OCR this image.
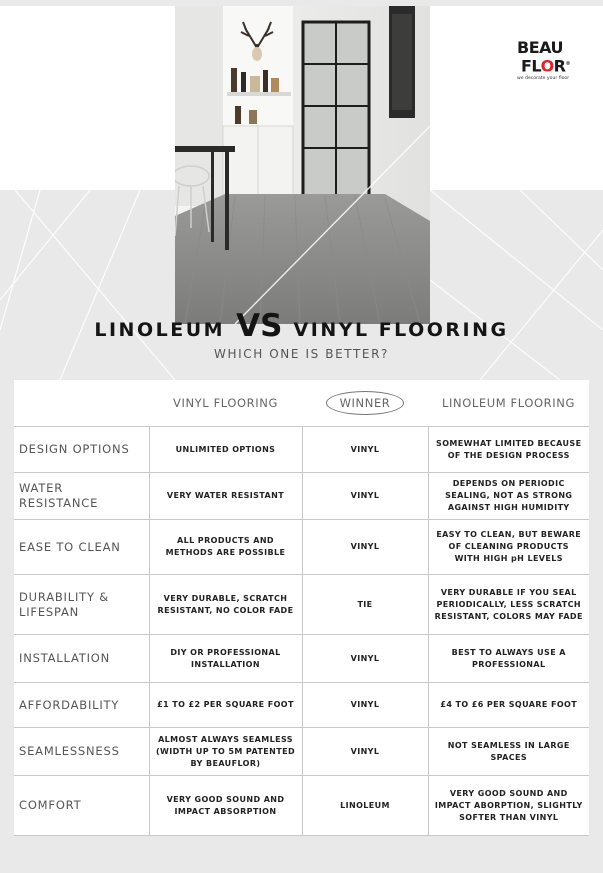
BEAU
FLOR®
we decorate your floor
LINOLEUM VS VINYL FLOORING
WHICH ONE IS BETTER?
	VINYL FLOORING	WINNER	LINOLEUM FLOORING
DESIGN OPTIONS	UNLIMITED OPTIONS	VINYL	SOMEWHAT LIMITED BECAUSE OF THE DESIGN PROCESS
WATER RESISTANCE	VERY WATER RESISTANT	VINYL	DEPENDS ON PERIODIC SEALING, NOT AS STRONG AGAINST HIGH HUMIDITY
EASE TO CLEAN	ALL PRODUCTS AND METHODS ARE POSSIBLE	VINYL	EASY TO CLEAN, BUT BEWARE OF CLEANING PRODUCTS WITH HIGH pH LEVELS
DURABILITY & LIFESPAN	VERY DURABLE, SCRATCH RESISTANT, NO COLOR FADE	TIE	VERY DURABLE IF YOU SEAL PERIODICALLY, LESS SCRATCH RESISTANT, COLORS MAY FADE
INSTALLATION	DIY OR PROFESSIONAL INSTALLATION	VINYL	BEST TO ALWAYS USE A PROFESSIONAL
AFFORDABILITY	£1 TO £2 PER SQUARE FOOT	VINYL	£4 TO £6 PER SQUARE FOOT
SEAMLESSNESS	ALMOST ALWAYS SEAMLESS (WIDTH UP TO 5M PATENTED BY BEAUFLOR)	VINYL	NOT SEAMLESS IN LARGE SPACES
COMFORT	VERY GOOD SOUND AND IMPACT ABSORPTION	LINOLEUM	VERY GOOD SOUND AND IMPACT ABORPTION, SLIGHTLY SOFTER THAN VINYL
